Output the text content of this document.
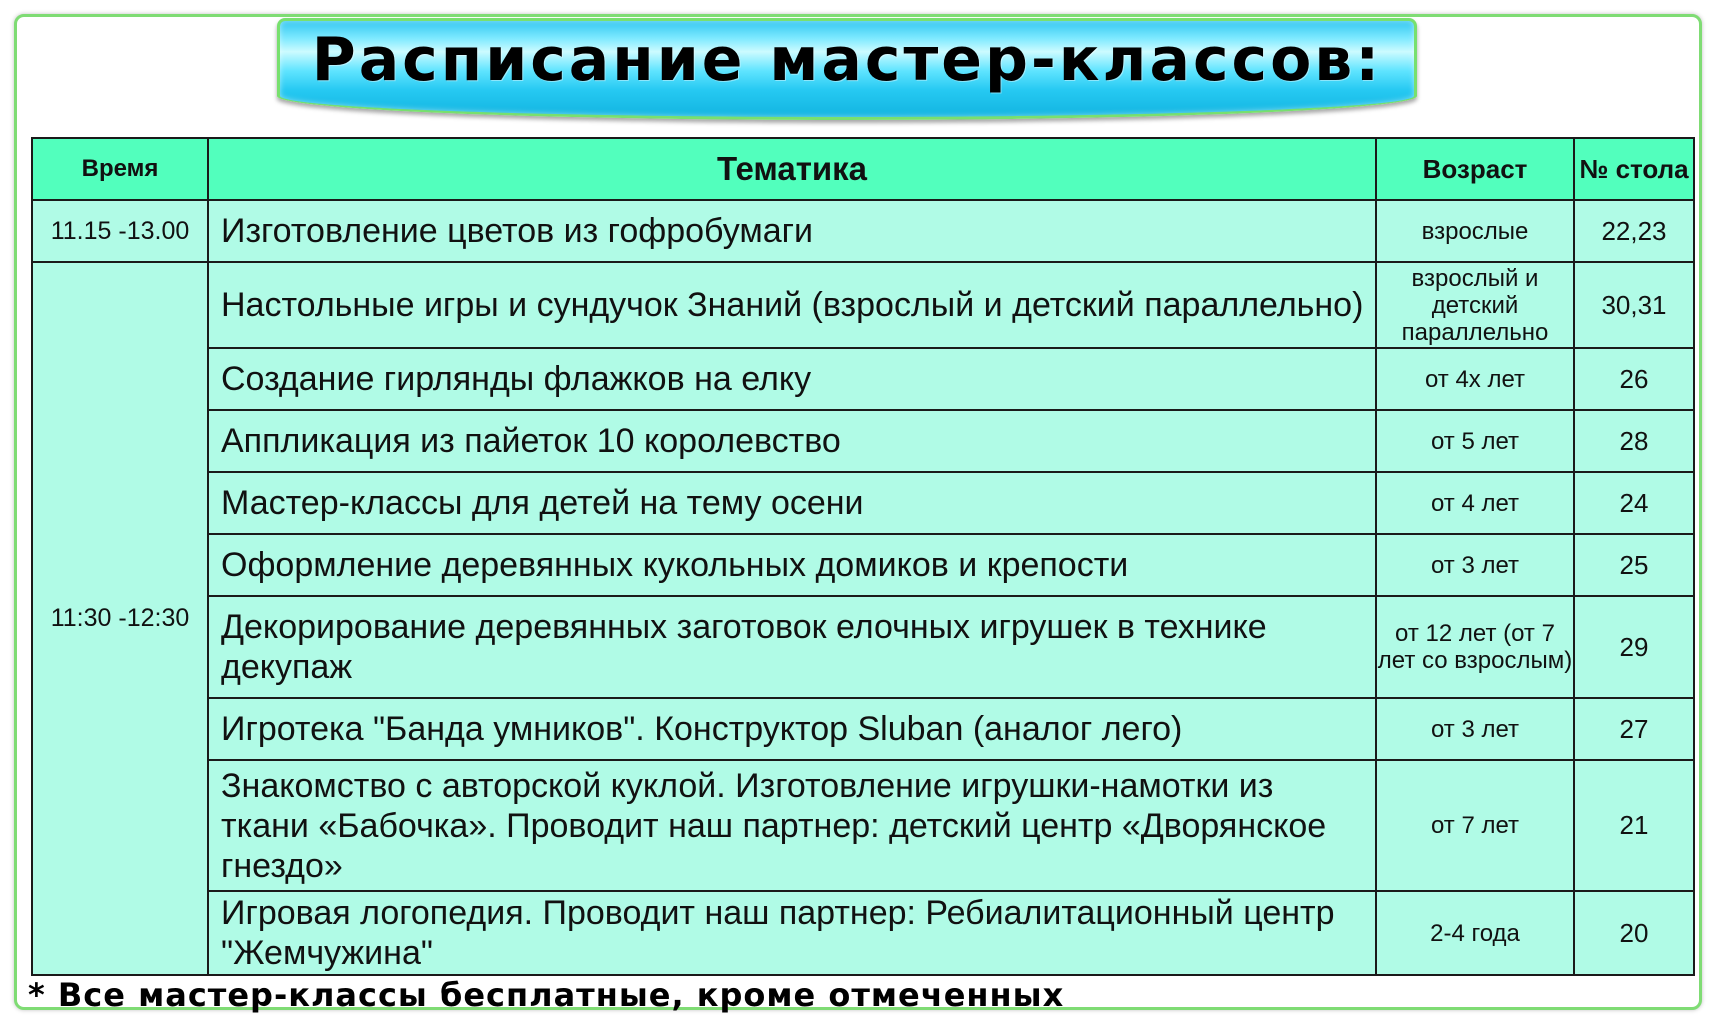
Расписание мастер-классов:
Время	Тематика	Возраст	№ стола
11.15 -13.00	Изготовление цветов из гофробумаги	взрослые	22,23
11:30 -12:30	Настольные игры и сундучок Знаний (взрослый и детский параллельно)	взрослый и детский параллельно	30,31
	Создание гирлянды флажков на елку	от 4х лет	26
	Аппликация из пайеток 10 королевство	от 5 лет	28
	Мастер-классы для детей на тему осени	от 4 лет	24
	Оформление деревянных кукольных домиков и крепости	от 3 лет	25
	Декорирование деревянных заготовок елочных игрушек в технике декупаж	от 12 лет (от 7 лет со взрослым)	29
	Игротека "Банда умников". Конструктор Sluban (аналог лего)	от 3 лет	27
	Знакомство с авторской куклой. Изготовление игрушки-намотки из ткани «Бабочка». Проводит наш партнер: детский центр «Дворянское гнездо»	от 7 лет	21
	Игровая логопедия. Проводит наш партнер: Ребиалитационный центр "Жемчужина"	2-4 года	20
* Все мастер-классы бесплатные, кроме отмеченных
